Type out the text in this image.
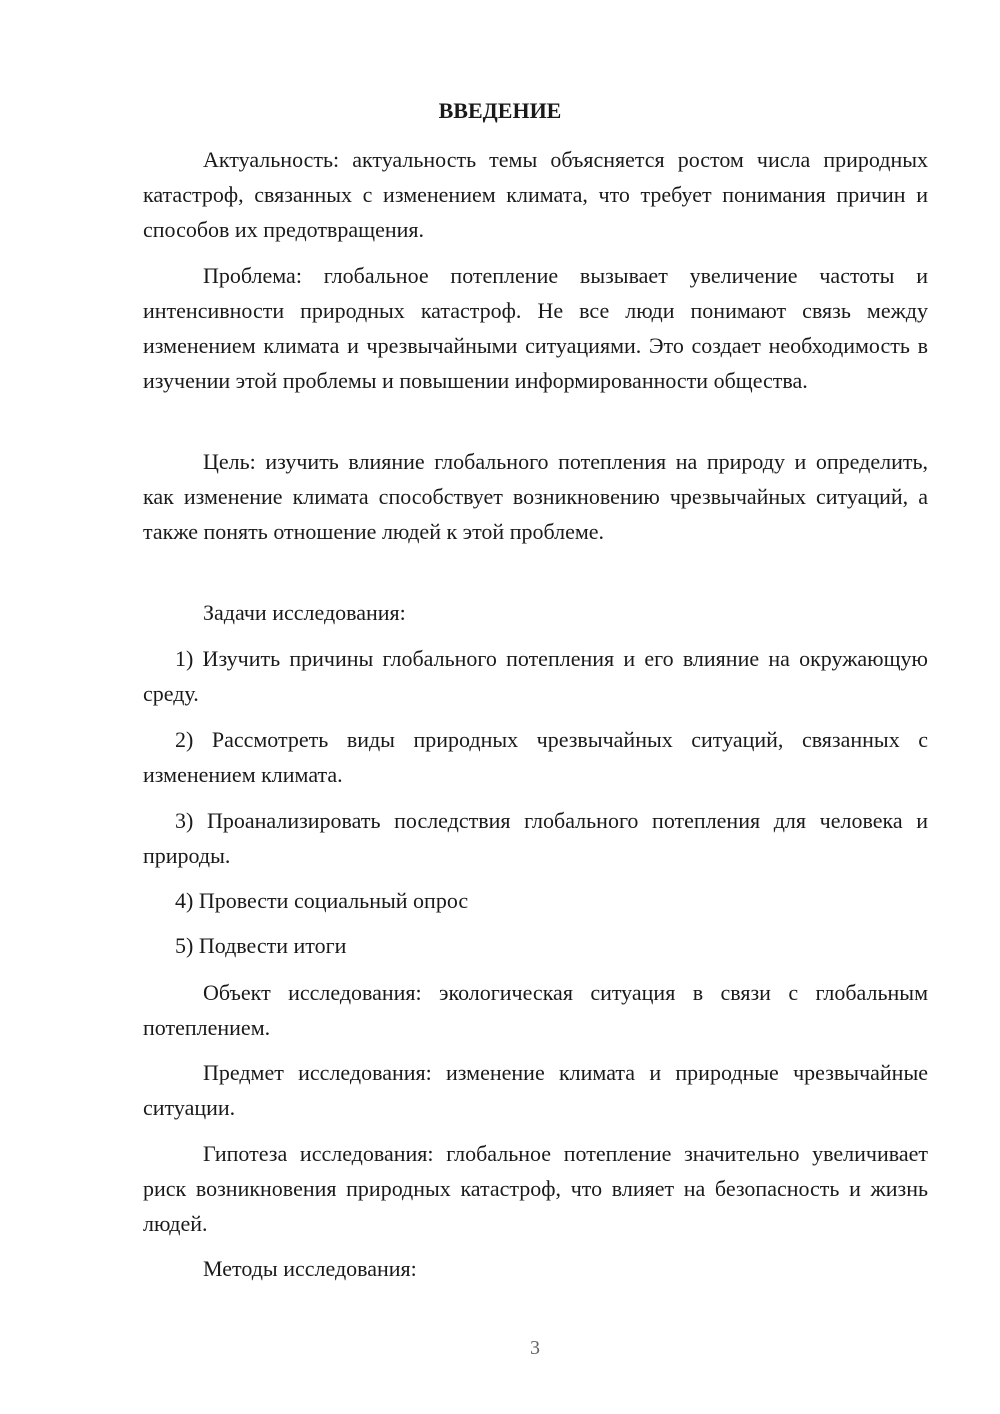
ВВЕДЕНИЕ

Актуальность: актуальность темы объясняется ростом числа природных катастроф, связанных с изменением климата, что требует понимания причин и способов их предотвращения.

Проблема: глобальное потепление вызывает увеличение частоты и интенсивности природных катастроф. Не все люди понимают связь между изменением климата и чрезвычайными ситуациями. Это создает необходимость в изучении этой проблемы и повышении информированности общества.

Цель: изучить влияние глобального потепления на природу и определить, как изменение климата способствует возникновению чрезвычайных ситуаций, а также понять отношение людей к этой проблеме.

Задачи исследования:

1) Изучить причины глобального потепления и его влияние на окружающую среду.

2) Рассмотреть виды природных чрезвычайных ситуаций, связанных с изменением климата.

3) Проанализировать последствия глобального потепления для человека и природы.

4) Провести социальный опрос

5) Подвести итоги

Объект исследования: экологическая ситуация в связи с глобальным потеплением.

Предмет исследования: изменение климата и природные чрезвычайные ситуации.

Гипотеза исследования: глобальное потепление значительно увеличивает риск возникновения природных катастроф, что влияет на безопасность и жизнь людей.

Методы исследования:

3
